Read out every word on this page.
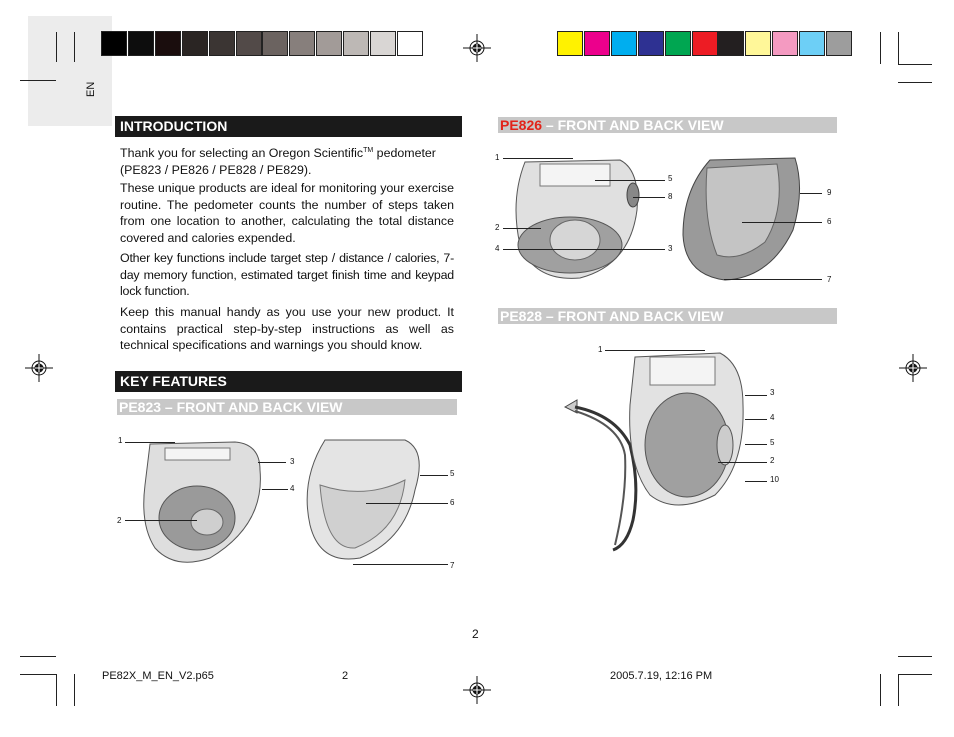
EN
INTRODUCTION
Thank you for selecting an Oregon Scientific™ pedometer (PE823 / PE826 / PE828 / PE829).
These unique products are ideal for monitoring your exercise routine. The pedometer counts the number of steps taken from one location to another, calculating the total distance covered and calories expended.
Other key functions include target step / distance / calories, 7-day memory function, estimated target finish time and keypad lock function.
Keep this manual handy as you use your new product. It contains practical step-by-step instructions as well as technical specifications and warnings you should know.
KEY FEATURES
PE823 – FRONT AND BACK VIEW
1
2
3
4
5
6
7
PE826 – FRONT AND BACK VIEW
1
2
3
4
5
6
7
8	9
PE828 – FRONT AND BACK VIEW
1
2
3
4
5
10
2
PE82X_M_EN_V2.p65	2	2005.7.19, 12:16 PM
